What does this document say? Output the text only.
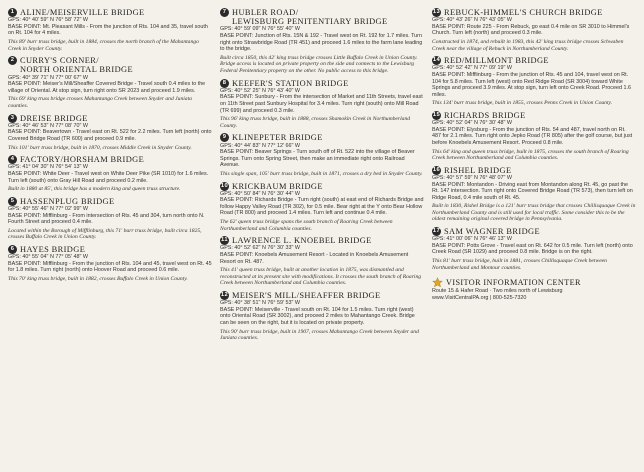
1 ALINE/MEISERVILLE BRIDGE
GPS: 40° 40' 59" N 76° 58' 72" W
BASE POINT: Mt. Pleasant Mills - From the junction of Rts. 104 and 35, travel south on Rt. 104 for 4 miles.
This 89' burr truss bridge, built in 1884, crosses the north branch of the Mahantango Creek in Snyder County.
2 CURRY'S CORNER/
NORTH ORIENTAL BRIDGE
GPS: 40° 39' 71" N 77° 00' 67" W
BASE POINT: Meiser's Mill/Sheaffer Covered Bridge - Travel south 0.4 miles to the village of Oriental. At stop sign, turn right onto SR 2023 and proceed 1.9 miles.
This 69' king truss bridge crosses Mahantango Creek between Snyder and Juniata counties.
3 DREISE BRIDGE
GPS: 40° 46' 53" N 77° 08' 70" W
BASE POINT: Beavertown - Travel east on Rt. 522 for 2.2 miles. Turn left (north) onto Covered Bridge Road (TR 600) and proceed 0.9 mile.
This 101' burr truss bridge, built in 1870, crosses Middle Creek in Snyder County.
4 FACTORY/HORSHAM BRIDGE
GPS: 41° 04' 30" N 76° 54' 13" W
BASE POINT: White Deer - Travel west on White Deer Pike (SR 1010) for 1.6 miles. Turn left (south) onto Gray Hill Road and proceed 0.2 mile.
Built in 1880 at 85', this bridge has a modern king and queen truss structure.
5 HASSENPLUG BRIDGE
GPS: 40° 55' 46" N 77° 02' 99" W
BASE POINT: Mifflinburg - From intersection of Rts. 45 and 304, turn north onto N. Fourth Street and proceed 0.4 mile.
Located within the Borough of Mifflinburg, this 71' burr truss bridge, built circa 1825, crosses Buffalo Creek in Union County.
6 HAYES BRIDGE
GPS: 40° 55' 04" N 77° 05' 48" W
BASE POINT: Mifflinburg - From the junction of Rts. 104 and 45, travel west on Rt. 45 for 1.8 miles. Turn right (north) onto Hoover Road and proceed 0.6 mile.
This 70' king truss bridge, built in 1882, crosses Buffalo Creek in Union County.
7 HUBLER ROAD/
LEWISBURG PENITENTIARY BRIDGE
GPS: 40° 59' 09" N 76° 55' 40" W
BASE POINT: Junction of Rts. 15N & 192 - Travel west on Rt. 192 for 1.7 miles. Turn right onto Strawbridge Road (TR 451) and proceed 1.6 miles to the farm lane leading to the bridge.
Built circa 1850, this 42' king truss bridge crosses Little Buffalo Creek in Union County. Bridge access is located on private property on the side and connects to the Lewisburg Federal Penitentiary property on the other. No public access to this bridge.
8 KEEFER'S STATION BRIDGE
GPS: 40° 52' 25" N 76° 43' 40" W
BASE POINT: Sunbury - From the intersection of Market and 11th Streets, travel east on 11th Street past Sunbury Hospital for 3.4 miles. Turn right (south) onto Mill Road (TR 699) and proceed 0.3 mile.
This 96' king truss bridge, built in 1888, crosses Shamokin Creek in Northumberland County.
9 KLINEPETER BRIDGE
GPS: 40° 44' 83" N 77° 12' 66" W
BASE POINT: Beaver Springs - Turn south off of Rt. 522 into the village of Beaver Springs. Turn onto Spring Street, then make an immediate right onto Railroad Avenue.
This single span, 105' burr truss bridge, built in 1871, crosses a dry bed in Snyder County.
10 KRICKBAUM BRIDGE
GPS: 40° 50' 84" N 76° 30' 44" W
BASE POINT: Richards Bridge - Turn right (south) at east end of Richards Bridge and follow Happy Valley Road (TR 302), for 0.5 mile. Bear right at the Y onto Bear Hollow Road (TR 800) and proceed 1.4 miles. Turn left and continue 0.4 mile.
The 62' queen truss bridge spans the south branch of Roaring Creek between Northumberland and Columbia counties.
11 LAWRENCE L. KNOEBEL BRIDGE
GPS: 40° 52' 62" N 76° 30' 33" W
BASE POINT: Knoebels Amusement Resort - Located in Knoebels Amusement Resort on Rt. 487.
This 41' queen truss bridge, built at another location in 1875, was dismantled and reconstructed at its present site with modifications. It crosses the south branch of Roaring Creek between Northumberland and Columbia counties.
12 MEISER'S MILL/SHEAFFER BRIDGE
GPS: 40° 38' 51" N 76° 59' 53" W
BASE POINT: Meiserville - Travel south on Rt. 104 for 1.5 miles. Turn right (west) onto Oriental Road (SR 3002), and proceed 2 miles to Mahantango Creek. Bridge can be seen on the right, but it is located on private property.
This 90' burr truss bridge, built in 1907, crosses Mahantango Creek between Snyder and Juniata counties.
13 REBUCK-HIMMEL'S CHURCH BRIDGE
GPS: 40° 43' 26" N 76° 43' 05" W
BASE POINT: Route 225 - From Rebuck, go east 0.4 mile on SR 3010 to Himmel's Church. Turn left (north) and proceed 0.3 mile.
Constructed in 1874, and rebuilt in 1983, this 42' king truss bridge crosses Schwaben Creek near the village of Rebuck in Northumberland County.
14 RED/MILLMONT BRIDGE
GPS: 40° 52' 42" N 77° 09' 19" W
BASE POINT: Mifflinburg - From the junction of Rts. 45 and 104, travel west on Rt. 104 for 5.8 miles. Turn left (west) onto Red Ridge Road (SR 3004) toward White Springs and proceed 3.9 miles. At stop sign, turn left onto Creek Road. Proceed 1.6 miles.
This 134' burr truss bridge, built in 1855, crosses Penns Creek in Union County.
15 RICHARDS BRIDGE
GPS: 40° 52' 04" N 76° 30' 48" W
BASE POINT: Elysburg - From the junction of Rts. 54 and 487, travel north on Rt. 487 for 2.1 miles. Turn right onto Jepko Road (TR 805) after the golf course, but just before Knoebels Amusement Resort. Proceed 0.8 mile.
This 64' king and queen truss bridge, built in 1875, crosses the south branch of Roaring Creek between Northumberland and Columbia counties.
16 RISHEL BRIDGE
GPS: 40° 57' 59" N 76° 48' 07" W
BASE POINT: Montandon - Driving east from Montandon along Rt. 45, go past the Rt. 147 intersection. Turn right onto Covered Bridge Road (TR 573), then turn left on Ridge Road, 0.4 mile south of Rt. 45.
Built in 1830, Rishel Bridge is a 121' burr truss bridge that crosses Chillisquaque Creek in Northumberland County and is still used for local traffic. Some consider this to be the oldest remaining original covered bridge in Pennsylvania.
17 SAM WAGNER BRIDGE
GPS: 41° 00' 06" N 76° 46' 13" W
BASE POINT: Potts Grove - Travel east on Rt. 642 for 0.5 mile. Turn left (north) onto Creek Road (SR 1029) and proceed 0.8 mile. Bridge is on the right.
This 81' burr truss bridge, built in 1881, crosses Chillisquaque Creek between Northumberland and Montour counties.
VISITOR INFORMATION CENTER
Route 15 & Hafer Road · Two miles north of Lewisburg
www.VisitCentralPA.org | 800-525-7320
